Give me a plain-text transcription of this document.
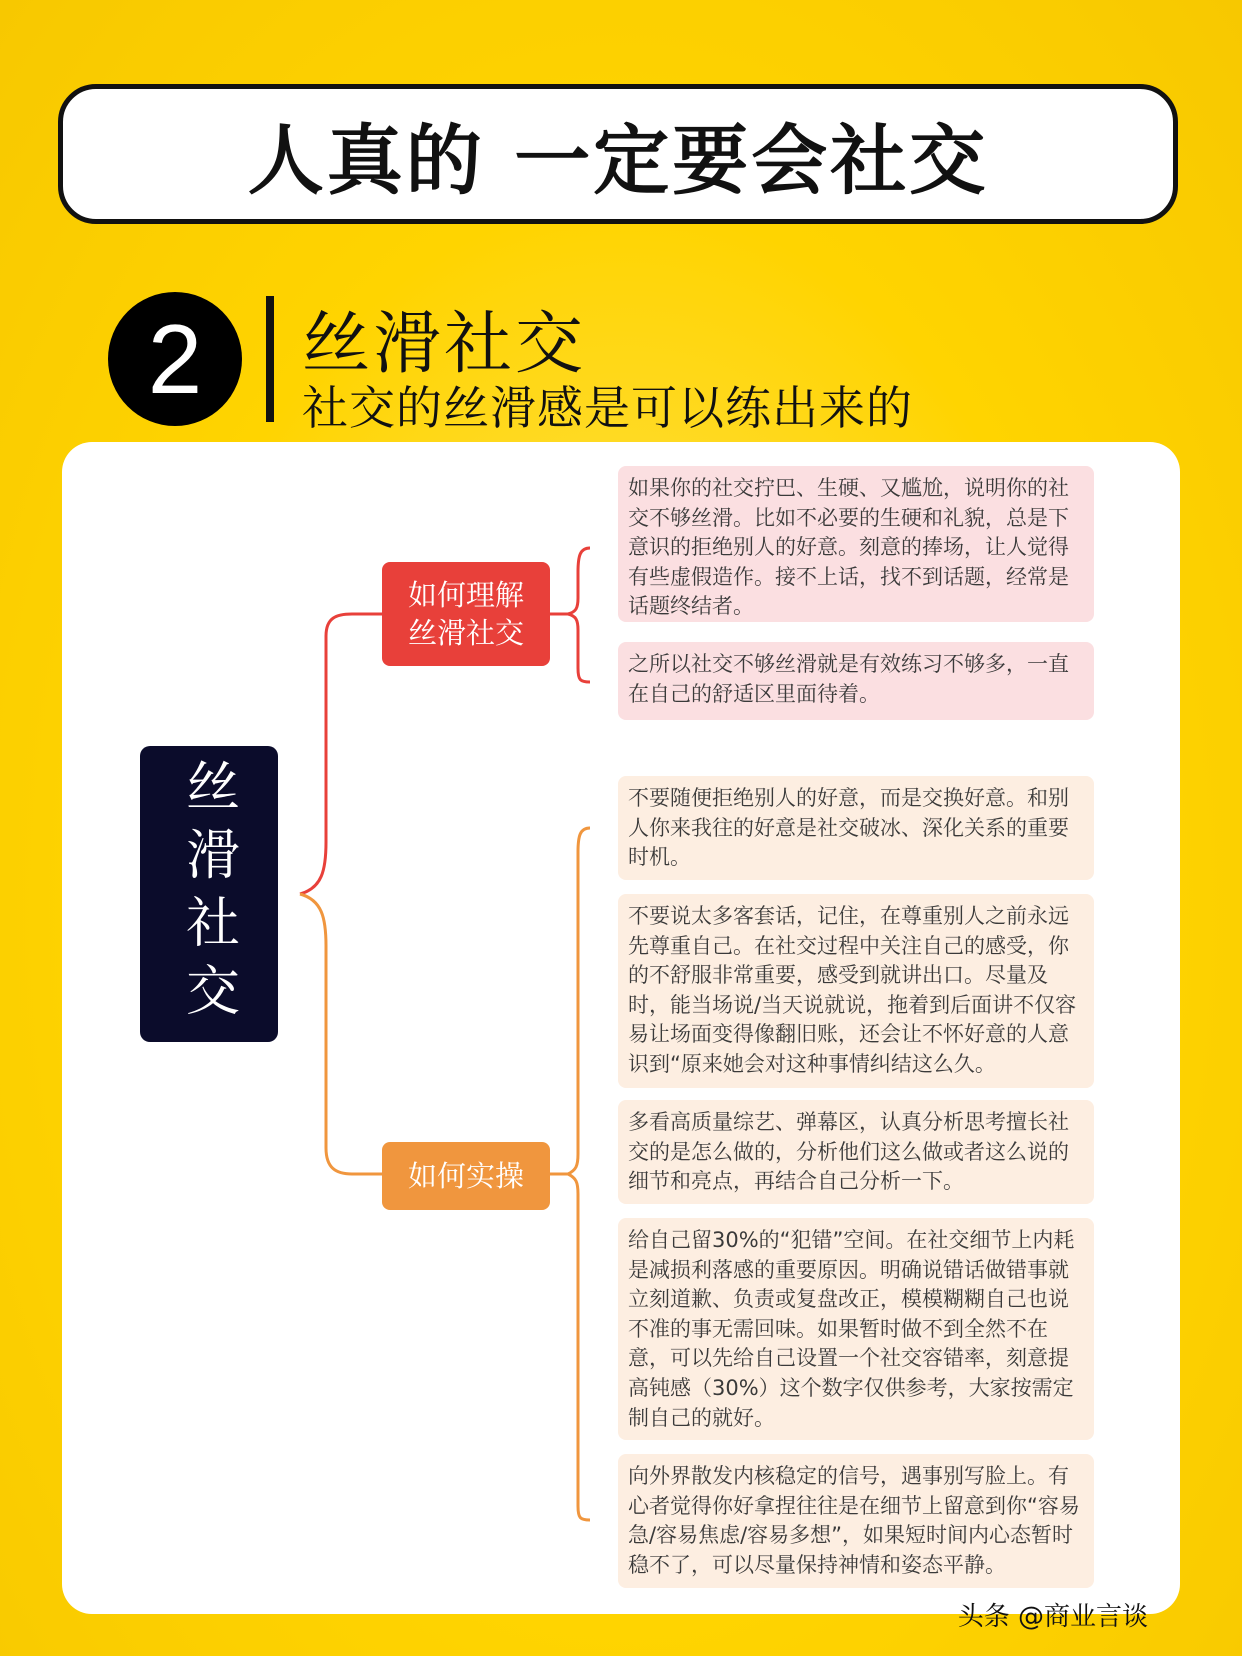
人真的 一定要会社交
2	丝滑社交
社交的丝滑感是可以练出来的
丝滑社交
如何理解
丝滑社交
如何实操
如果你的社交拧巴、生硬、又尴尬，说明你的社交不够丝滑。比如不必要的生硬和礼貌，总是下意识的拒绝别人的好意。刻意的捧场，让人觉得有些虚假造作。接不上话，找不到话题，经常是话题终结者。
之所以社交不够丝滑就是有效练习不够多，一直在自己的舒适区里面待着。
不要随便拒绝别人的好意，而是交换好意。和别人你来我往的好意是社交破冰、深化关系的重要时机。
不要说太多客套话，记住，在尊重别人之前永远先尊重自己。在社交过程中关注自己的感受，你的不舒服非常重要，感受到就讲出口。尽量及时，能当场说/当天说就说，拖着到后面讲不仅容易让场面变得像翻旧账，还会让不怀好意的人意识到“原来她会对这种事情纠结这么久。
多看高质量综艺、弹幕区，认真分析思考擅长社交的是怎么做的，分析他们这么做或者这么说的细节和亮点，再结合自己分析一下。
给自己留30%的“犯错”空间。在社交细节上内耗是减损利落感的重要原因。明确说错话做错事就立刻道歉、负责或复盘改正，模模糊糊自己也说不准的事无需回味。如果暂时做不到全然不在意，可以先给自己设置一个社交容错率，刻意提高钝感（30%）这个数字仅供参考，大家按需定制自己的就好。
向外界散发内核稳定的信号，遇事别写脸上。有心者觉得你好拿捏往往是在细节上留意到你“容易急/容易焦虑/容易多想”，如果短时间内心态暂时稳不了，可以尽量保持神情和姿态平静。
头条 @商业言谈
